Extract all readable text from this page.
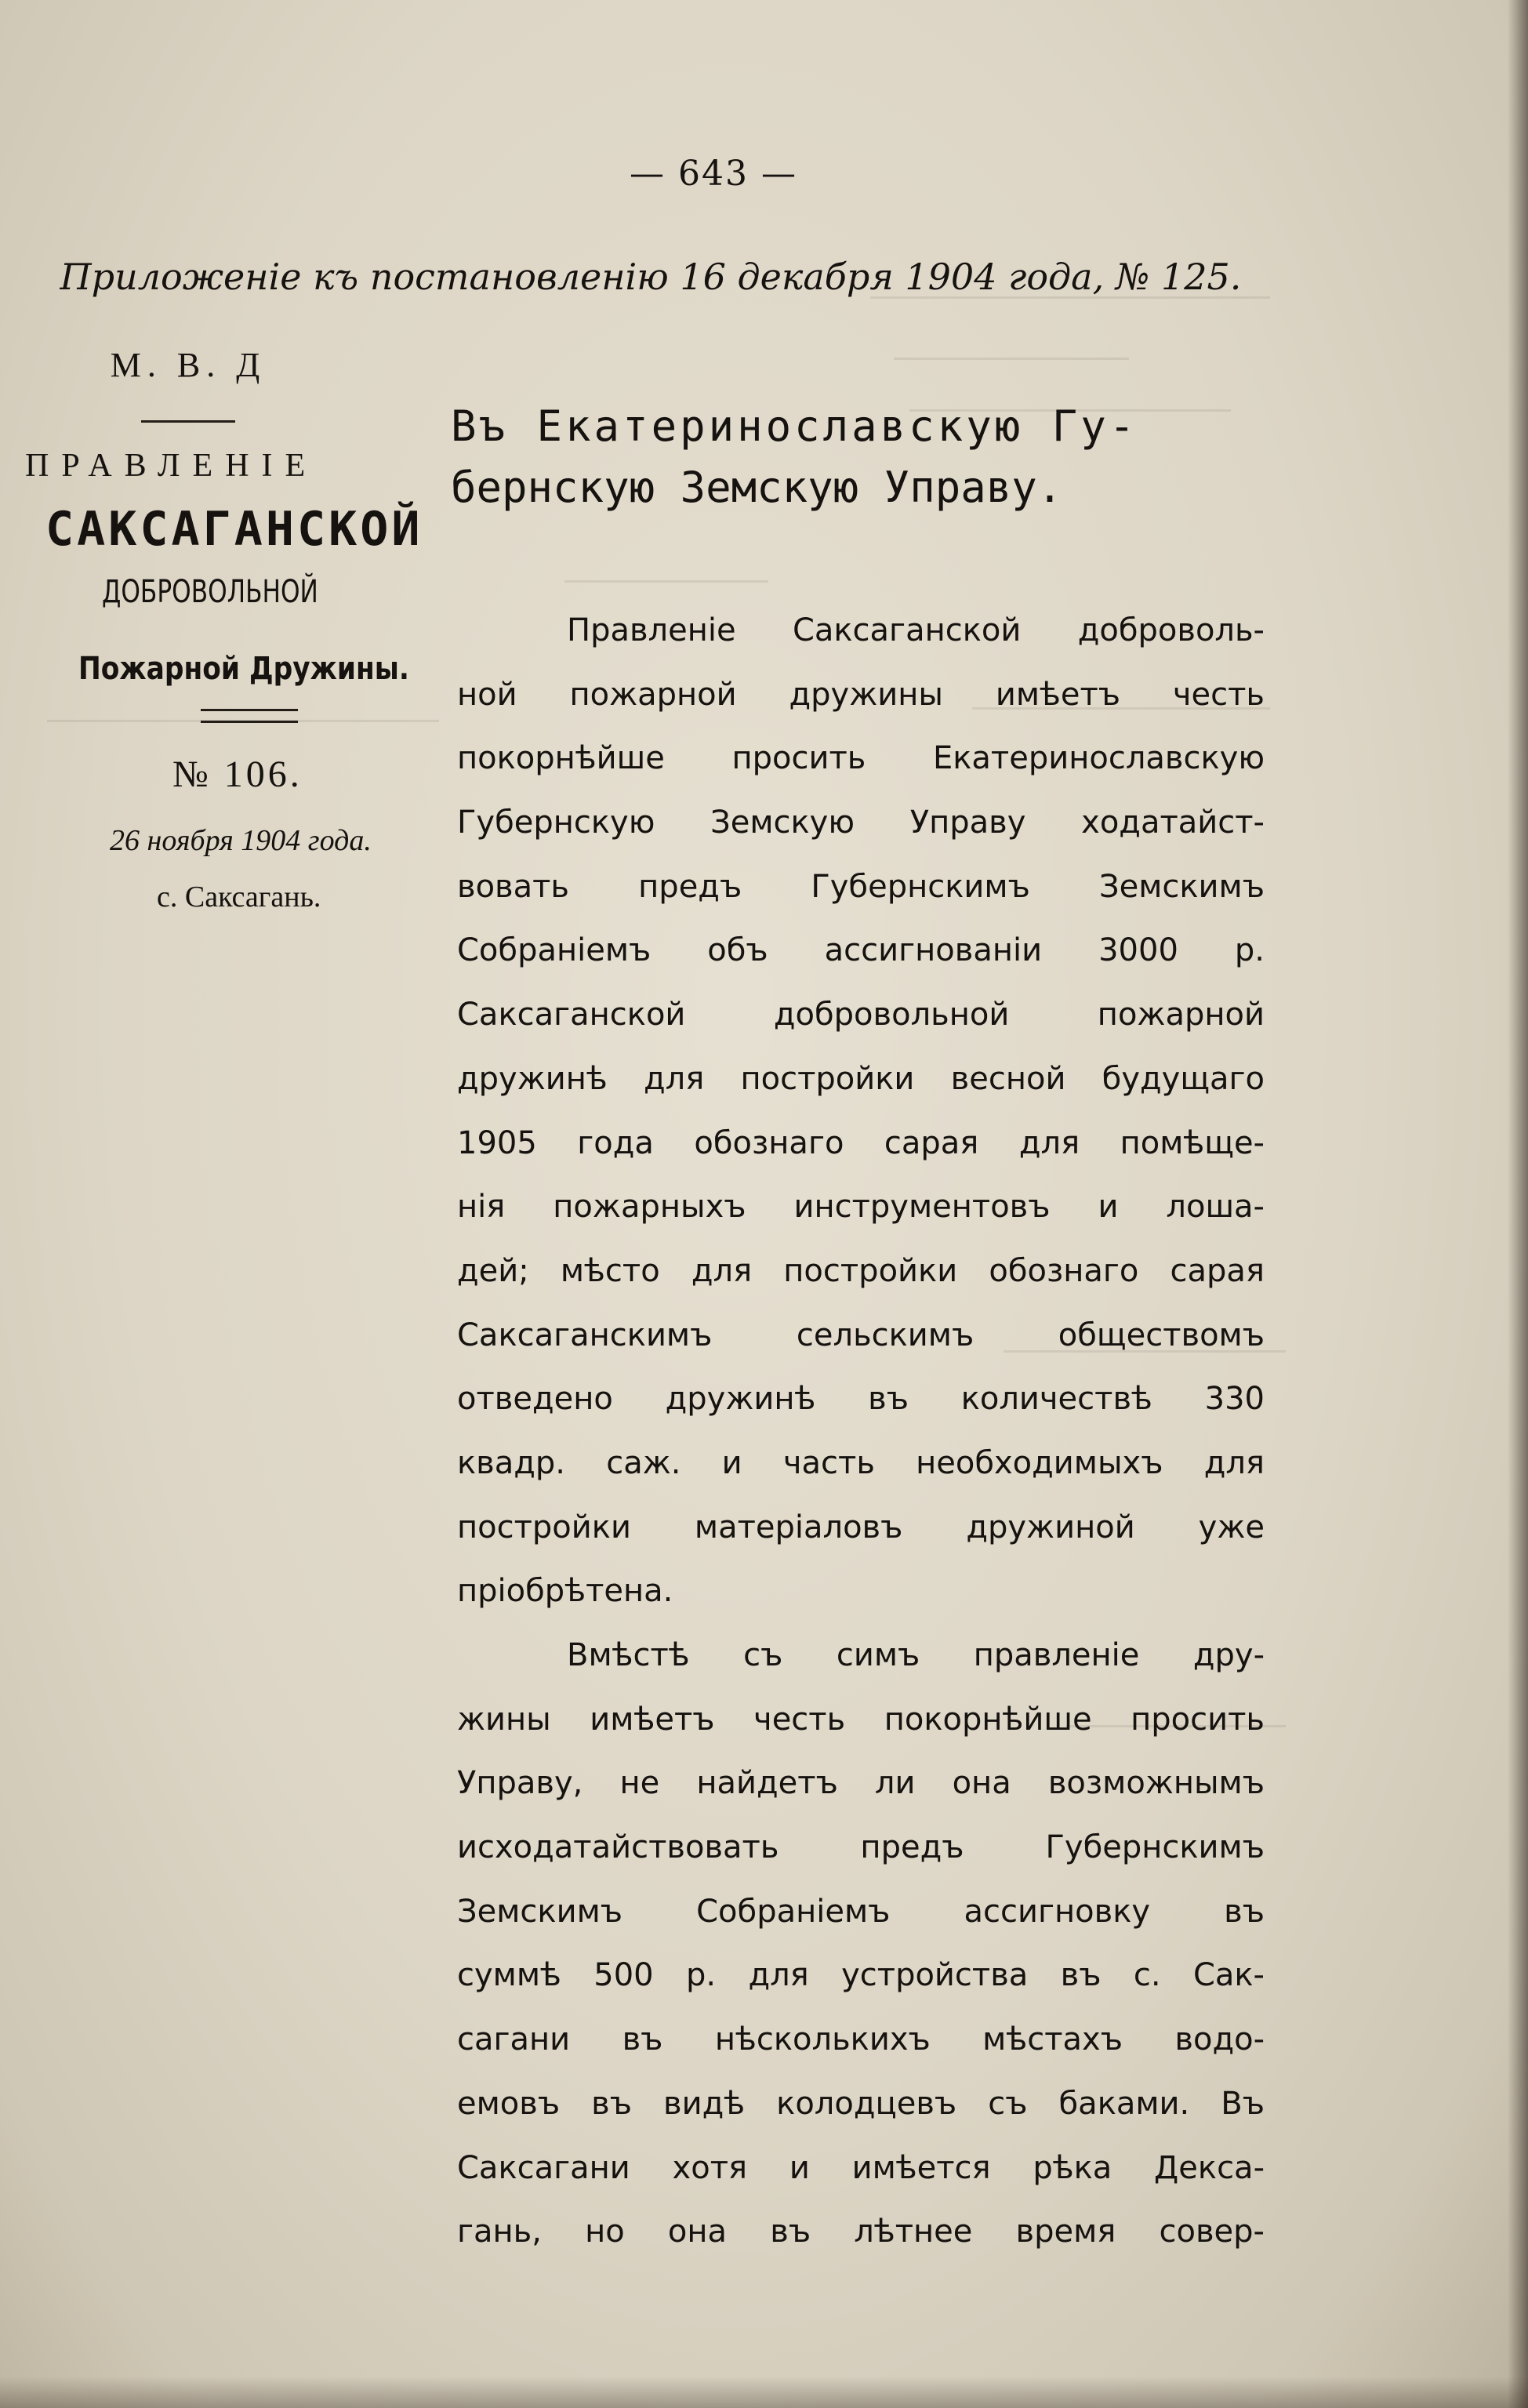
— 643 —
Приложеніе къ постановленію 16 декабря 1904 года, № 125.
М. В. Д
ПРАВЛЕНІЕ
САКСАГАНСКОЙ
ДОБРОВОЛЬНОЙ
Пожарной Дружины.
№ 106.
26 ноября 1904 года.
с. Саксагань.
Въ Екатеринославскую Гу-
бернскую Земскую Управу.
Правленіе Саксаганской доброволь-
ной пожарной дружины имѣетъ честь
покорнѣйше просить Екатеринославскую
Губернскую Земскую Управу ходатайст-
вовать предъ Губернскимъ Земскимъ
Собраніемъ объ ассигнованіи 3000 р.
Саксаганской добровольной пожарной
дружинѣ для постройки весной будущаго
1905 года обознаго сарая для помѣще-
нія пожарныхъ инструментовъ и лоша-
дей; мѣсто для постройки обознаго сарая
Саксаганскимъ сельскимъ обществомъ
отведено дружинѣ въ количествѣ 330
квадр. саж. и часть необходимыхъ для
постройки матеріаловъ дружиной уже
пріобрѣтена.
Вмѣстѣ съ симъ правленіе дру-
жины имѣетъ честь покорнѣйше просить
Управу, не найдетъ ли она возможнымъ
исходатайствовать предъ Губернскимъ
Земскимъ Собраніемъ ассигновку въ
суммѣ 500 р. для устройства въ с. Сак-
сагани въ нѣсколькихъ мѣстахъ водо-
емовъ въ видѣ колодцевъ съ баками. Въ
Саксагани хотя и имѣется рѣка Декса-
гань, но она въ лѣтнее время совер-
